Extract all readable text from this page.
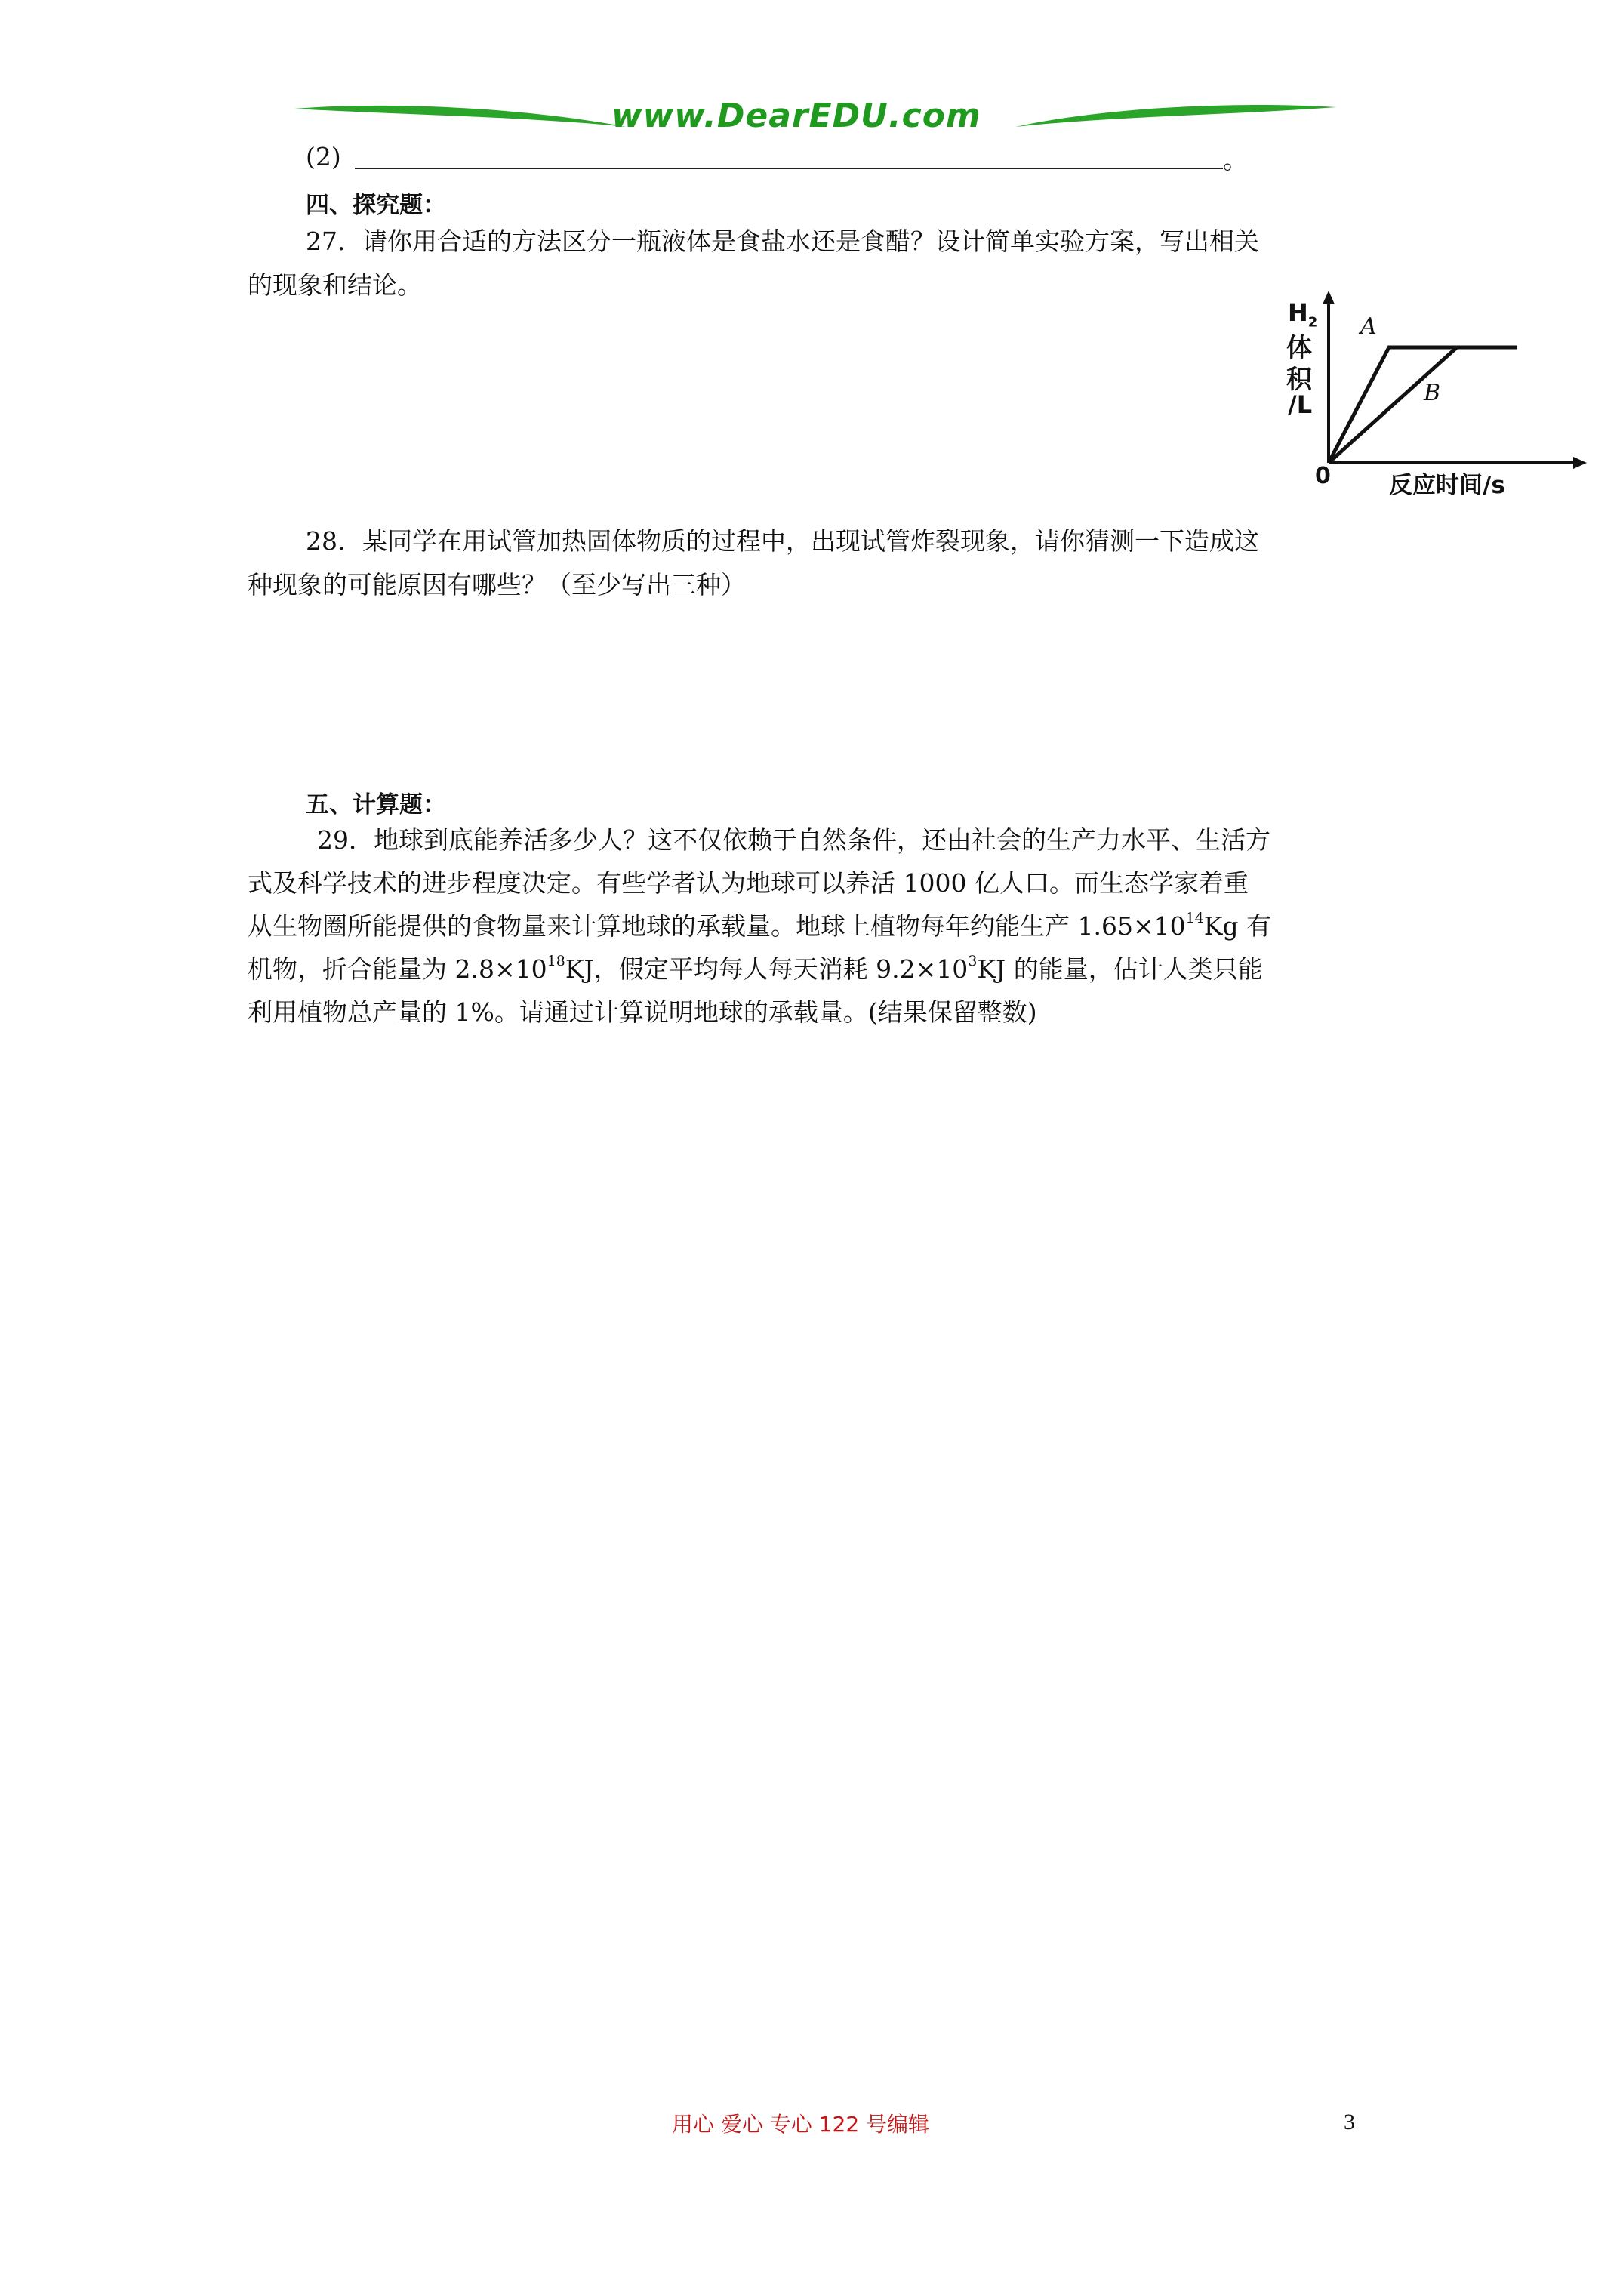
www.DearEDU.com
(2)	。
四、探究题：
27．请你用合适的方法区分一瓶液体是食盐水还是食醋？设计简单实验方案，写出相关
的现象和结论。
$H_2$
体
积
/L
0 反应时间/s
A
B
28．某同学在用试管加热固体物质的过程中，出现试管炸裂现象，请你猜测一下造成这
种现象的可能原因有哪些？（至少写出三种）
五、计算题：
29．地球到底能养活多少人？这不仅依赖于自然条件，还由社会的生产力水平、生活方
式及科学技术的进步程度决定。有些学者认为地球可以养活 1000 亿人口。而生态学家着重
从生物圈所能提供的食物量来计算地球的承载量。地球上植物每年约能生产 $1.65\times 10^{14}Kg$ 有
机物，折合能量为 $2.8\times 10^{18}KJ$，假定平均每人每天消耗 $9.2\times 10^3KJ$ 的能量，估计人类只能
利用植物总产量的 1%。请通过计算说明地球的承载量。(结果保留整数)
用心 爱心 专心 122 号编辑	3
